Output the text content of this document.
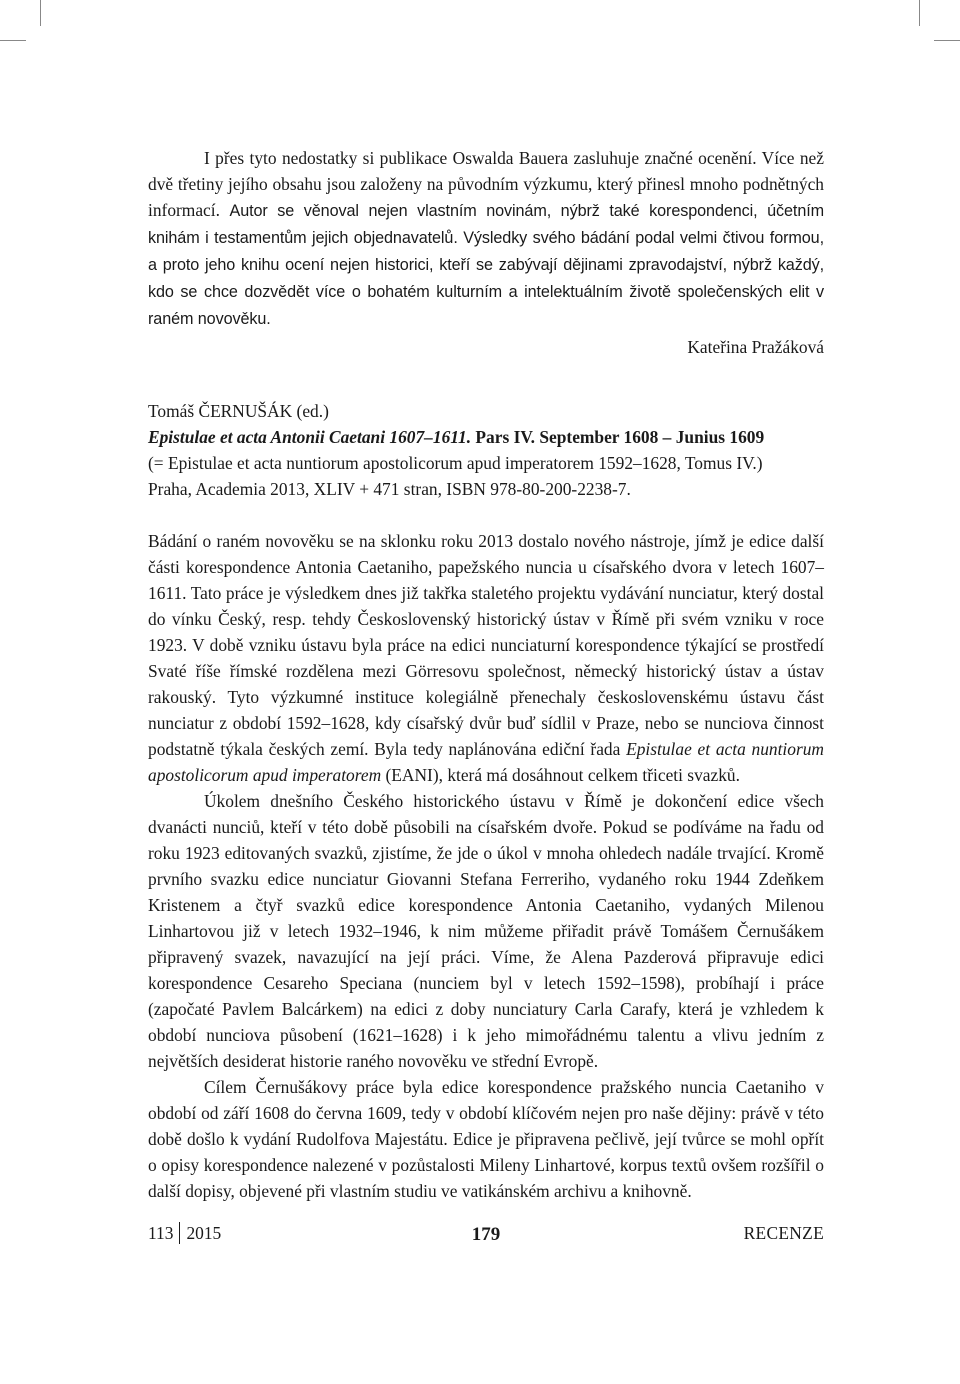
I přes tyto nedostatky si publikace Oswalda Bauera zasluhuje značné ocenění. Více než dvě třetiny jejího obsahu jsou založeny na původním výzkumu, který přinesl mnoho podnětných informací. Autor se věnoval nejen vlastním novinám, nýbrž také korespondenci, účetním knihám i testamentům jejich objednavatelů. Výsledky svého bádání podal velmi čtivou formou, a proto jeho knihu ocení nejen historici, kteří se zabývají dějinami zpravodajství, nýbrž každý, kdo se chce dozvědět více o bohatém kulturním a intelektuálním životě společenských elit v raném novověku.

Kateřina Pražáková

Tomáš ČERNUŠÁK (ed.)

Epistulae et acta Antonii Caetani 1607–1611. Pars IV. September 1608 – Junius 1609

(= Epistulae et acta nuntiorum apostolicorum apud imperatorem 1592–1628, Tomus IV.)

Praha, Academia 2013, XLIV + 471 stran, ISBN 978-80-200-2238-7.

Bádání o raném novověku se na sklonku roku 2013 dostalo nového nástroje, jímž je edice další části korespondence Antonia Caetaniho, papežského nuncia u císařského dvora v letech 1607–1611. Tato práce je výsledkem dnes již takřka staletého projektu vydávání nunciatur, který dostal do vínku Český, resp. tehdy Československý historický ústav v Římě při svém vzniku v roce 1923. V době vzniku ústavu byla práce na edici nunciaturní korespondence týkající se prostředí Svaté říše římské rozdělena mezi Görresovu společnost, německý historický ústav a ústav rakouský. Tyto výzkumné instituce kolegiálně přenechaly československému ústavu část nunciatur z období 1592–1628, kdy císařský dvůr buď sídlil v Praze, nebo se nunciova činnost podstatně týkala českých zemí. Byla tedy naplánována ediční řada Epistulae et acta nuntiorum apostolicorum apud imperatorem (EANI), která má dosáhnout celkem třiceti svazků.

Úkolem dnešního Českého historického ústavu v Římě je dokončení edice všech dvanácti nunciů, kteří v této době působili na císařském dvoře. Pokud se podíváme na řadu od roku 1923 editovaných svazků, zjistíme, že jde o úkol v mnoha ohledech nadále trvající. Kromě prvního svazku edice nunciatur Giovanni Stefana Ferreriho, vydaného roku 1944 Zdeňkem Kristenem a čtyř svazků edice korespondence Antonia Caetaniho, vydaných Milenou Linhartovou již v letech 1932–1946, k nim můžeme přiřadit právě Tomášem Černušákem připravený svazek, navazující na její práci. Víme, že Alena Pazderová připravuje edici korespondence Cesareho Speciana (nunciem byl v letech 1592–1598), probíhají i práce (započaté Pavlem Balcárkem) na edici z doby nunciatury Carla Carafy, která je vzhledem k období nunciova působení (1621–1628) i k jeho mimořádnému talentu a vlivu jedním z největších desiderat historie raného novověku ve střední Evropě.

Cílem Černušákovy práce byla edice korespondence pražského nuncia Caetaniho v období od září 1608 do června 1609, tedy v období klíčovém nejen pro naše dějiny: právě v této době došlo k vydání Rudolfova Majestátu. Edice je připravena pečlivě, její tvůrce se mohl opřít o opisy korespondence nalezené v pozůstalosti Mileny Linhartové, korpus textů ovšem rozšířil o další dopisy, objevené při vlastním studiu ve vatikánském archivu a knihovně.

113 2015	179	RECENZE
